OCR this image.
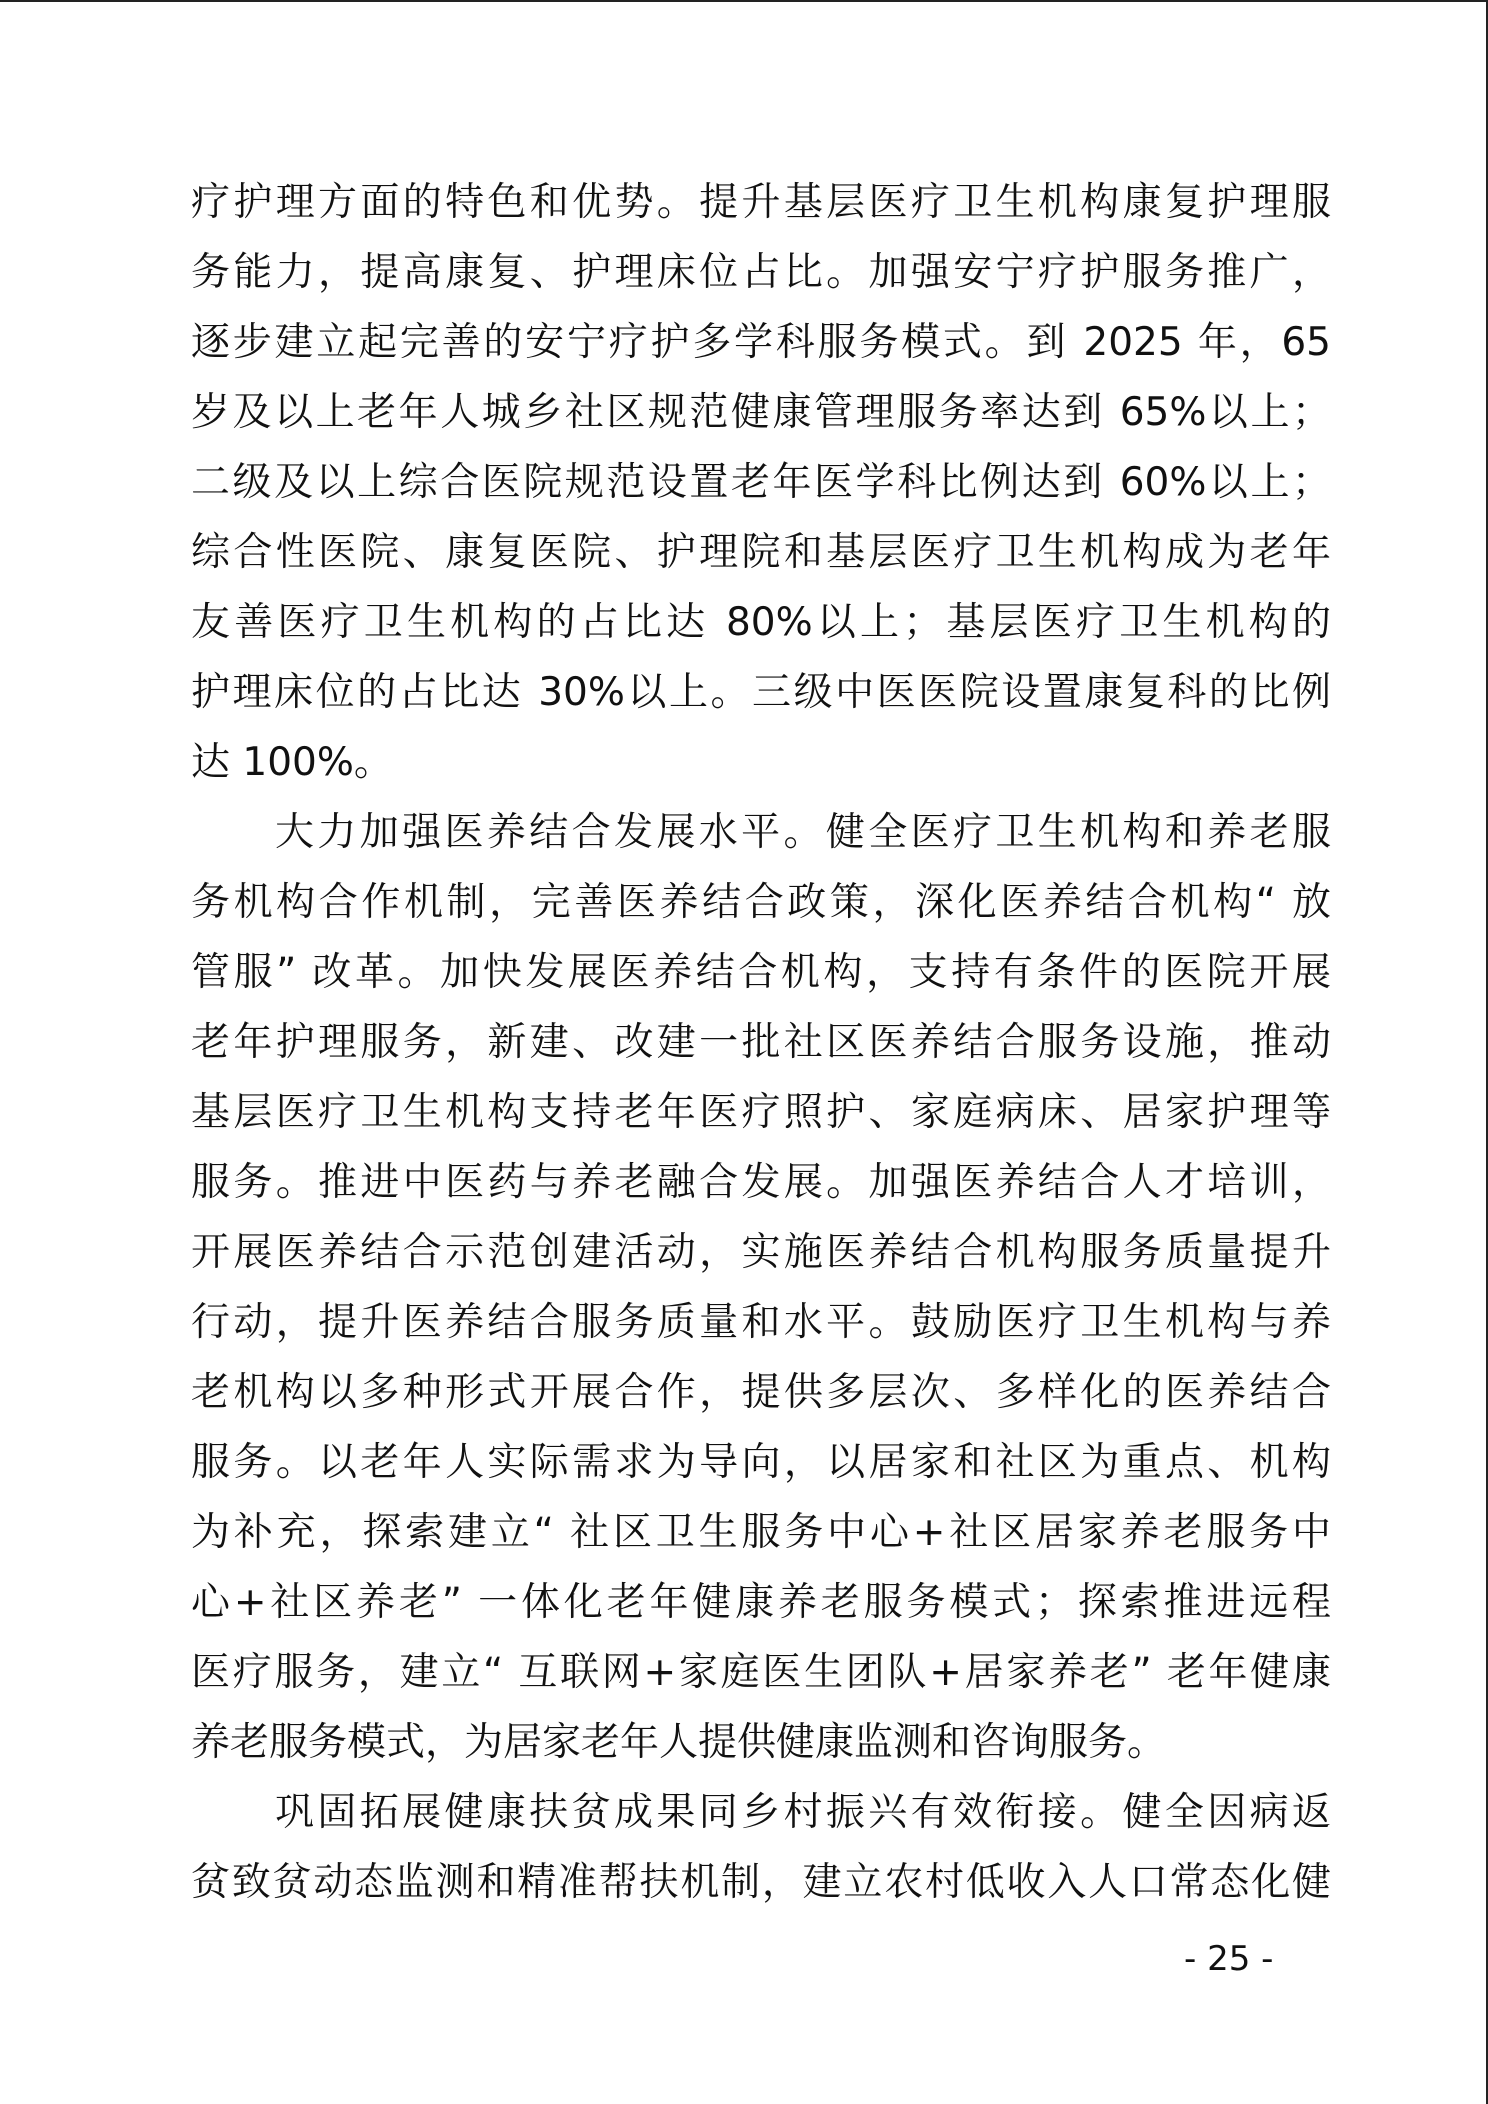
疗护理方面的特色和优势。提升基层医疗卫生机构康复护理服
务能力，提高康复、护理床位占比。加强安宁疗护服务推广，
逐步建立起完善的安宁疗护多学科服务模式。到 2025 年，65
岁及以上老年人城乡社区规范健康管理服务率达到 65%以上；
二级及以上综合医院规范设置老年医学科比例达到 60%以上；
综合性医院、康复医院、护理院和基层医疗卫生机构成为老年
友善医疗卫生机构的占比达 80%以上；基层医疗卫生机构的
护理床位的占比达 30%以上。三级中医医院设置康复科的比例
达 100%。
大力加强医养结合发展水平。健全医疗卫生机构和养老服
务机构合作机制，完善医养结合政策，深化医养结合机构“ 放
管服” 改革。加快发展医养结合机构，支持有条件的医院开展
老年护理服务，新建、改建一批社区医养结合服务设施，推动
基层医疗卫生机构支持老年医疗照护、家庭病床、居家护理等
服务。推进中医药与养老融合发展。加强医养结合人才培训，
开展医养结合示范创建活动，实施医养结合机构服务质量提升
行动，提升医养结合服务质量和水平。鼓励医疗卫生机构与养
老机构以多种形式开展合作，提供多层次、多样化的医养结合
服务。以老年人实际需求为导向，以居家和社区为重点、机构
为补充，探索建立“ 社区卫生服务中心+社区居家养老服务中
心+社区养老” 一体化老年健康养老服务模式；探索推进远程
医疗服务，建立“ 互联网+家庭医生团队+居家养老” 老年健康
养老服务模式，为居家老年人提供健康监测和咨询服务。
巩固拓展健康扶贫成果同乡村振兴有效衔接。健全因病返
贫致贫动态监测和精准帮扶机制，建立农村低收入人口常态化健
- 25 -
